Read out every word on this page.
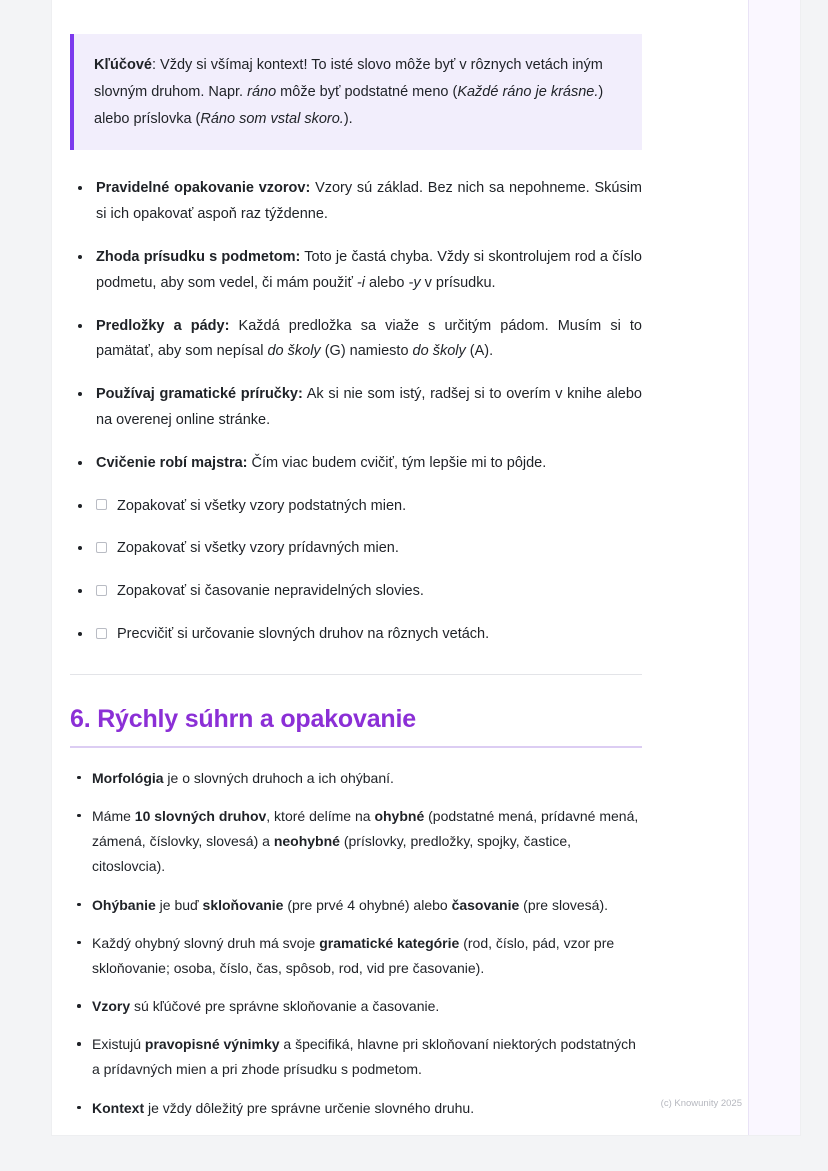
Kľúčové: Vždy si všímaj kontext! To isté slovo môže byť v rôznych vetách iným slovným druhom. Napr. ráno môže byť podstatné meno (Každé ráno je krásne.) alebo príslovka (Ráno som vstal skoro.).

Pravidelné opakovanie vzorov: Vzory sú základ. Bez nich sa nepohneme. Skúsim si ich opakovať aspoň raz týždenne.
Zhoda prísudku s podmetom: Toto je častá chyba. Vždy si skontrolujem rod a číslo podmetu, aby som vedel, či mám použiť -i alebo -y v prísudku.
Predložky a pády: Každá predložka sa viaže s určitým pádom. Musím si to pamätať, aby som nepísal do školy (G) namiesto do školy (A).
Používaj gramatické príručky: Ak si nie som istý, radšej si to overím v knihe alebo na overenej online stránke.
Cvičenie robí majstra: Čím viac budem cvičiť, tým lepšie mi to pôjde.
Zopakovať si všetky vzory podstatných mien.
Zopakovať si všetky vzory prídavných mien.
Zopakovať si časovanie nepravidelných slovies.
Precvičiť si určovanie slovných druhov na rôznych vetách.
6. Rýchly súhrn a opakovanie
Morfológia je o slovných druhoch a ich ohýbaní.
Máme 10 slovných druhov, ktoré delíme na ohybné (podstatné mená, prídavné mená, zámená, číslovky, slovesá) a neohybné (príslovky, predložky, spojky, častice, citoslovcia).
Ohýbanie je buď skloňovanie (pre prvé 4 ohybné) alebo časovanie (pre slovesá).
Každý ohybný slovný druh má svoje gramatické kategórie (rod, číslo, pád, vzor pre skloňovanie; osoba, číslo, čas, spôsob, rod, vid pre časovanie).
Vzory sú kľúčové pre správne skloňovanie a časovanie.
Existujú pravopisné výnimky a špecifiká, hlavne pri skloňovaní niektorých podstatných a prídavných mien a pri zhode prísudku s podmetom.
Kontext je vždy dôležitý pre správne určenie slovného druhu.	(c) Knowunity 2025
